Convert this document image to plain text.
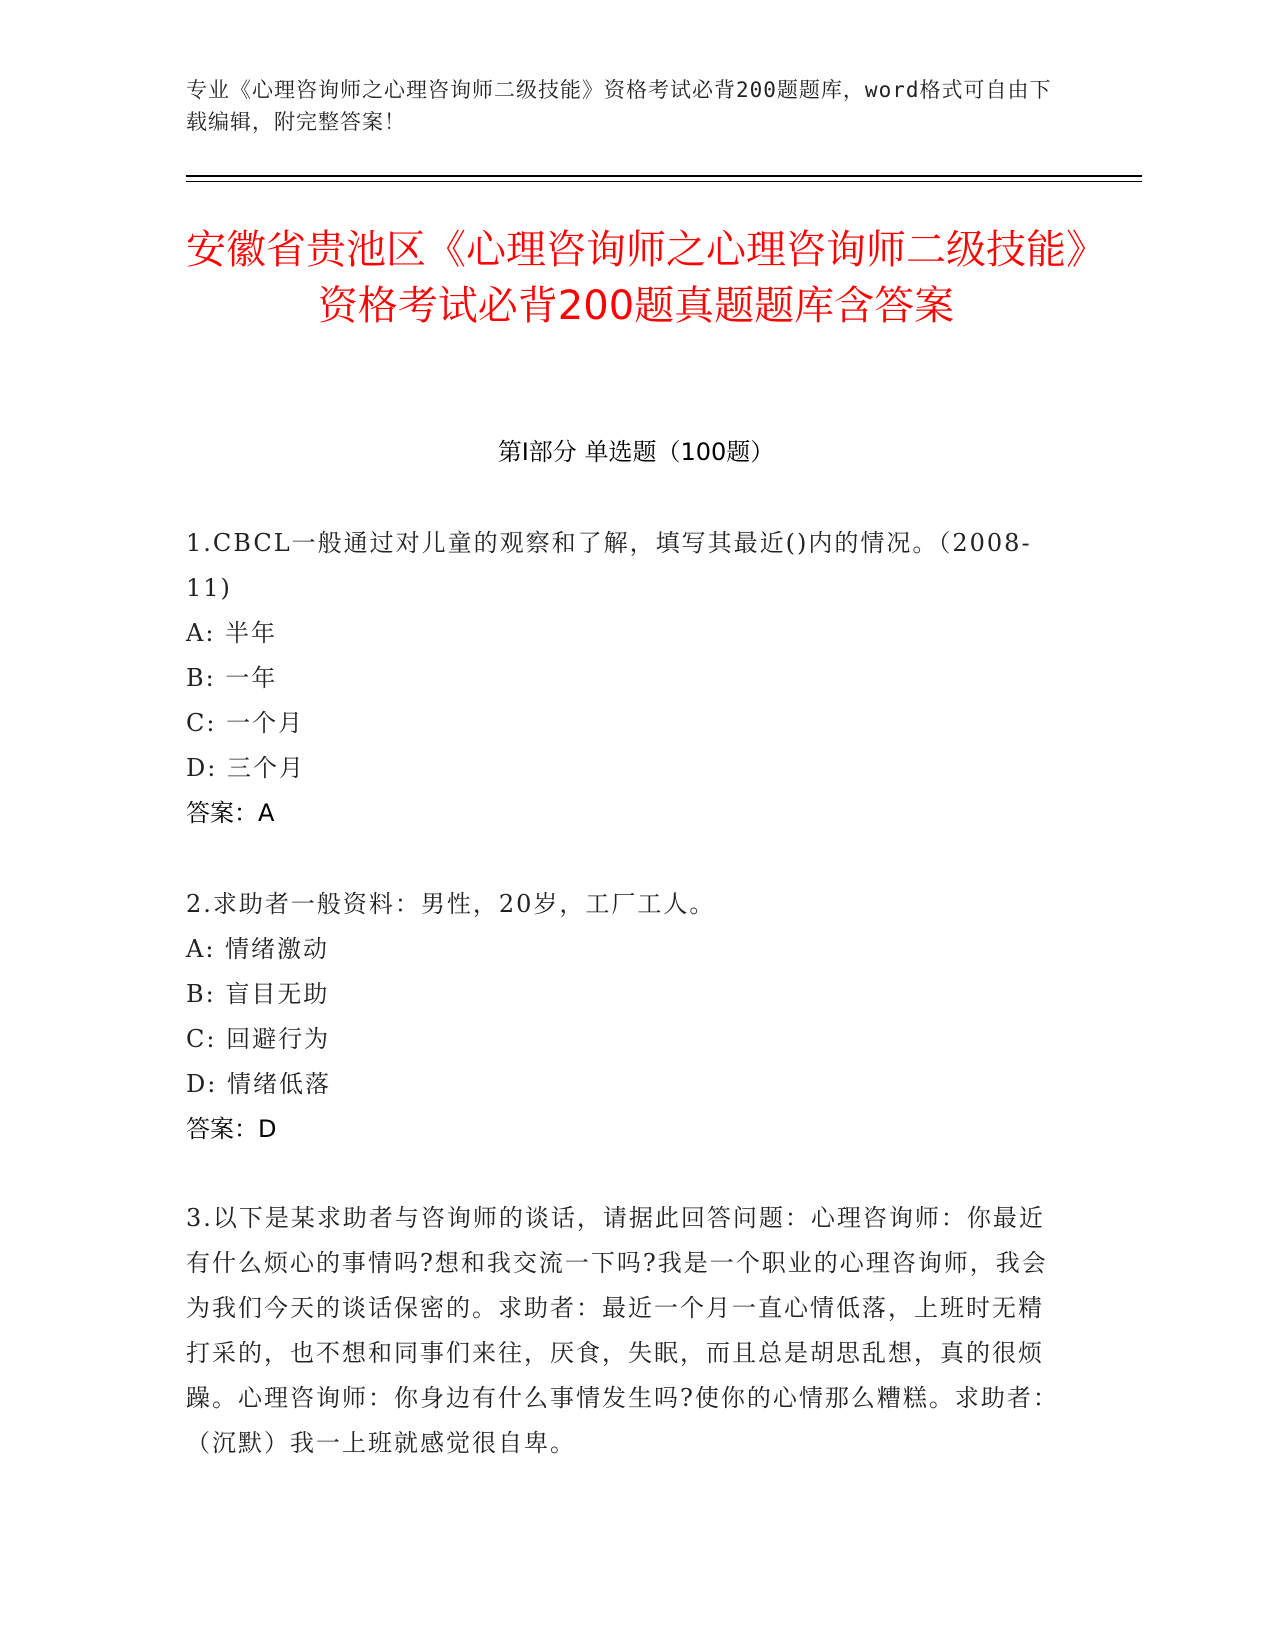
专业《心理咨询师之心理咨询师二级技能》资格考试必背200题题库，word格式可自由下载编辑，附完整答案！
安徽省贵池区《心理咨询师之心理咨询师二级技能》资格考试必背200题真题题库含答案
第Ⅰ部分 单选题（100题）

1.CBCL一般通过对儿童的观察和了解，填写其最近()内的情况。（2008-11)

A: 半年

B: 一年

C: 一个月

D: 三个月

答案：A

2.求助者一般资料：男性，20岁，工厂工人。

A: 情绪激动

B: 盲目无助

C: 回避行为

D: 情绪低落

答案：D

3.以下是某求助者与咨询师的谈话，请据此回答问题：心理咨询师：你最近有什么烦心的事情吗?想和我交流一下吗?我是一个职业的心理咨询师，我会为我们今天的谈话保密的。求助者：最近一个月一直心情低落，上班时无精打采的，也不想和同事们来往，厌食，失眠，而且总是胡思乱想，真的很烦躁。心理咨询师：你身边有什么事情发生吗?使你的心情那么糟糕。求助者：（沉默）我一上班就感觉很自卑。
